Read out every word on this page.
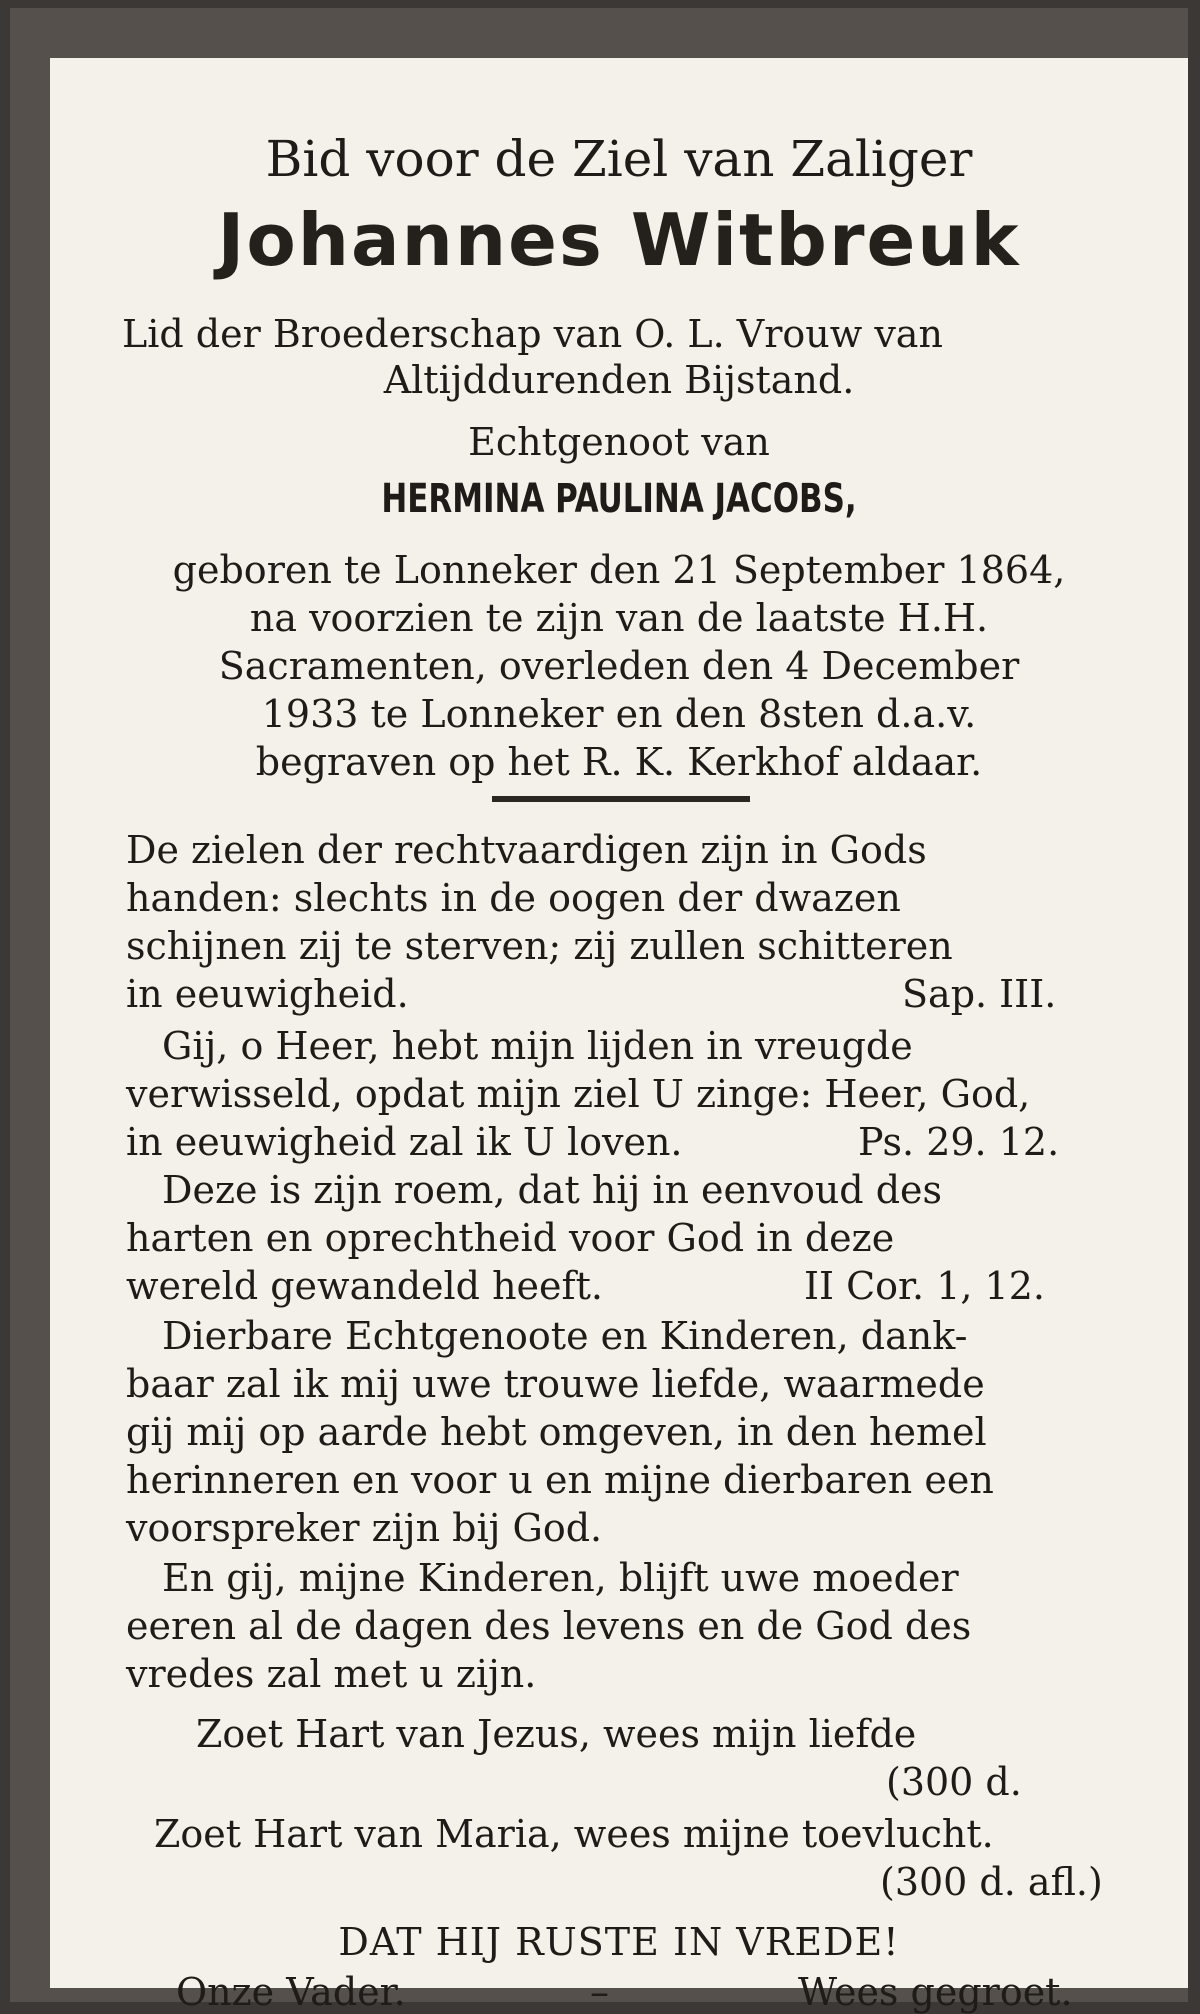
Bid voor de Ziel van Zaliger
Johannes Witbreuk
Lid der Broederschap van O. L. Vrouw van
Altijddurenden Bijstand.
Echtgenoot van
HERMINA PAULINA JACOBS,
geboren te Lonneker den 21 September 1864,
na voorzien te zijn van de laatste H.H.
Sacramenten, overleden den 4 December
1933 te Lonneker en den 8sten d.a.v.
begraven op het R. K. Kerkhof aldaar.
De zielen der rechtvaardigen zijn in Gods
handen: slechts in de oogen der dwazen
schijnen zij te sterven; zij zullen schitteren
in eeuwigheid.	Sap. III.
Gij, o Heer, hebt mijn lijden in vreugde
verwisseld, opdat mijn ziel U zinge: Heer, God,
in eeuwigheid zal ik U loven.	Ps. 29. 12.
Deze is zijn roem, dat hij in eenvoud des
harten en oprechtheid voor God in deze
wereld gewandeld heeft.	II Cor. 1, 12.
Dierbare Echtgenoote en Kinderen, dank-
baar zal ik mij uwe trouwe liefde, waarmede
gij mij op aarde hebt omgeven, in den hemel
herinneren en voor u en mijne dierbaren een
voorspreker zijn bij God.
En gij, mijne Kinderen, blijft uwe moeder
eeren al de dagen des levens en de God des
vredes zal met u zijn.
Zoet Hart van Jezus, wees mijn liefde
(300 d.
Zoet Hart van Maria, wees mijne toevlucht.
(300 d. afl.)
DAT HIJ RUSTE IN VREDE!
Onze Vader.	–	Wees gegroet.
